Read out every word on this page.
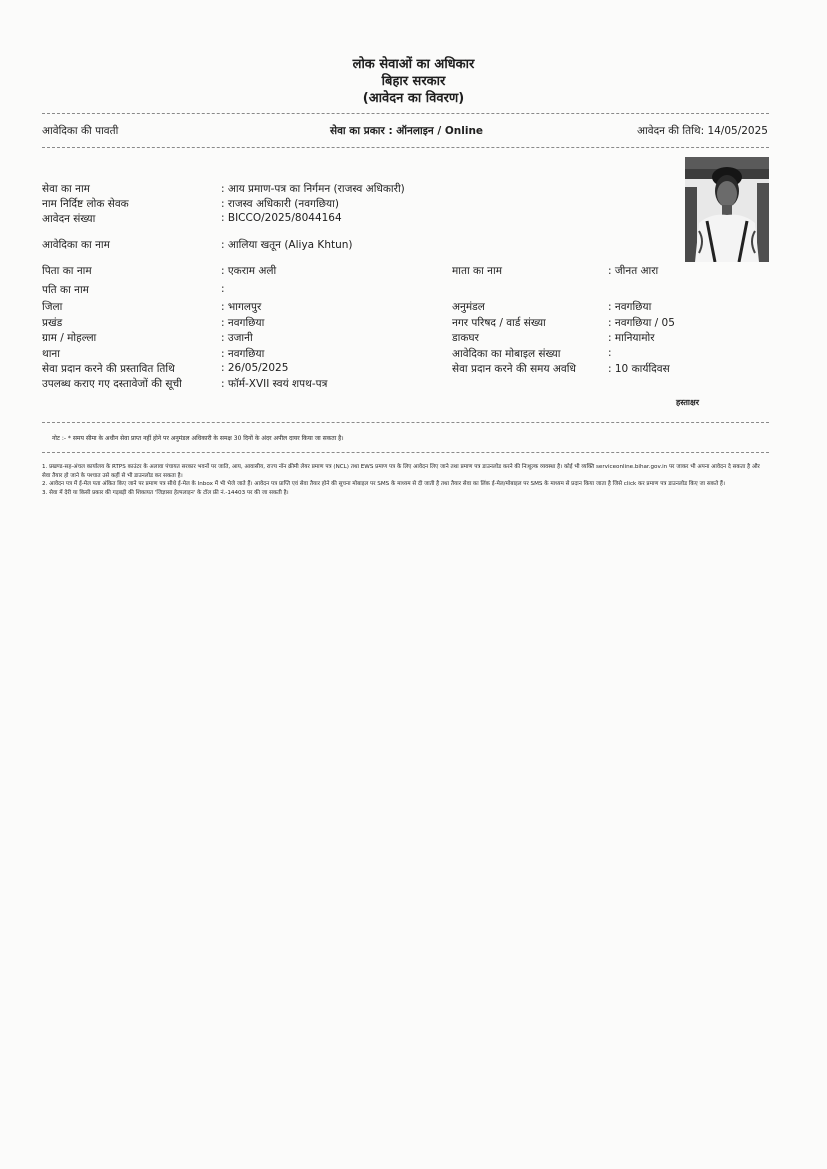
लोक सेवाओं का अधिकार
बिहार सरकार
(आवेदन का विवरण)
आवेदिका की पावती	सेवा का प्रकार : ऑनलाइन / Online	आवेदन की तिथि: 14/05/2025
सेवा का नाम	: आय प्रमाण-पत्र का निर्गमन (राजस्व अधिकारी)
नाम निर्दिष्ट लोक सेवक	: राजस्व अधिकारी (नवगछिया)
आवेदन संख्या	: BICCO/2025/8044164
आवेदिका का नाम	: आलिया खतून (Aliya Khtun)
पिता का नाम	: एकराम अली	माता का नाम	: जीनत आरा
पति का नाम	:
जिला	: भागलपुर	अनुमंडल	: नवगछिया
प्रखंड	: नवगछिया	नगर परिषद / वार्ड संख्या	: नवगछिया / 05
ग्राम / मोहल्ला	: उजानी	डाकघर	: मानियामोर
थाना	: नवगछिया	आवेदिका का मोबाइल संख्या	:
सेवा प्रदान करने की प्रस्तावित तिथि	: 26/05/2025	सेवा प्रदान करने की समय अवधि	: 10 कार्यदिवस
उपलब्ध कराए गए दस्तावेजों की सूची	: फॉर्म-XVII स्वयं शपथ-पत्र
हस्ताक्षर
नोट :- * समय सीमा के अधीन सेवा प्राप्त नहीं होने पर अनुमंडल अधिकारी के समक्ष 30 दिनों के अंदर अपील दायर किया जा सकता है।

1. प्रखण्ड-सह-अंचल कार्यालय के RTPS काउंटर के अलावा पंचायत सरकार भवनों पर जाति, आय, आवासीय, राज्य नॉन क्रीमी लेयर प्रमाण पत्र (NCL) तथा EWS प्रमाण पत्र के लिए आवेदन लिए जाने तथा प्रमाण पत्र डाउनलोड करने की निःशुल्क व्यवस्था है। कोई भी व्यक्ति serviceonline.bihar.gov.in पर जाकर भी अपना आवेदन दे सकता है और सेवा तैयार हो जाने के पश्चात उसे कहीं से भी डाउनलोड कर सकता है।

2. आवेदन पत्र में ई-मेल पता अंकित किए जाने पर प्रमाण पत्र सीधे ई-मेल के Inbox में भी भेजे जाते हैं। आवेदन पत्र प्राप्ति एवं सेवा तैयार होने की सूचना मोबाइल पर SMS के माध्यम से दी जाती है तथा तैयार सेवा का लिंक ई-मेल/मोबाइल पर SMS के माध्यम से प्रदान किया जाता है जिसे click कर प्रमाण पत्र डाउनलोड किए जा सकते हैं।

3. सेवा में देरी या किसी प्रकार की गड़बड़ी की शिकायत 'जिज्ञासा हेल्पलाइन' के टॉल फ्री नं.-14403 पर की जा सकती है।
